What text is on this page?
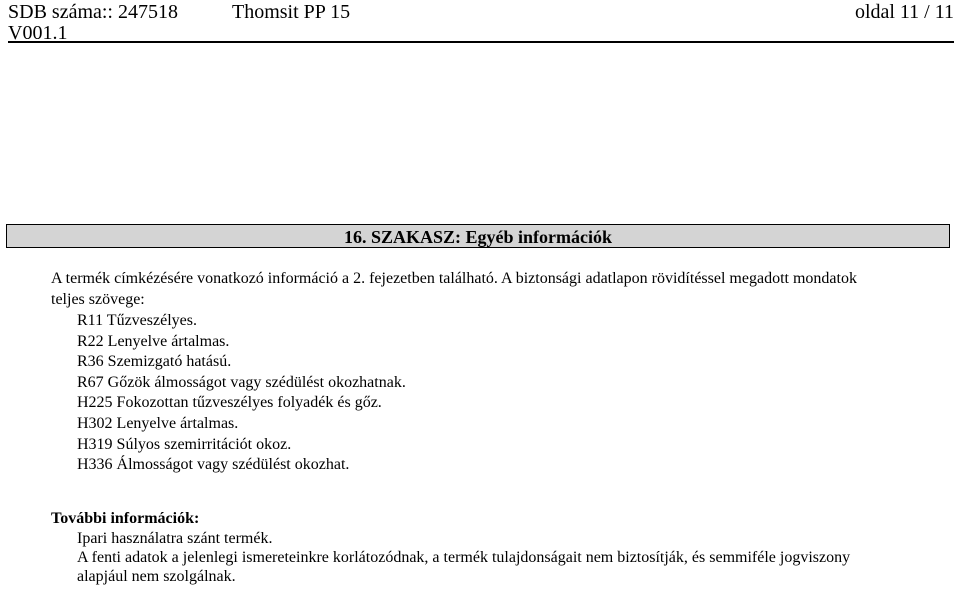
SDB száma:: 247518	Thomsit PP 15	oldal 11 / 11
V001.1
16. SZAKASZ: Egyéb információk
A termék címkézésére vonatkozó információ a 2. fejezetben található. A biztonsági adatlapon rövidítéssel megadott mondatok
teljes szövege:
R11 Tűzveszélyes.
R22 Lenyelve ártalmas.
R36 Szemizgató hatású.
R67 Gőzök álmosságot vagy szédülést okozhatnak.
H225 Fokozottan tűzveszélyes folyadék és gőz.
H302 Lenyelve ártalmas.
H319 Súlyos szemirritációt okoz.
H336 Álmosságot vagy szédülést okozhat.
További információk:
Ipari használatra szánt termék.
A fenti adatok a jelenlegi ismereteinkre korlátozódnak, a termék tulajdonságait nem biztosítják, és semmiféle jogviszony
alapjául nem szolgálnak.
